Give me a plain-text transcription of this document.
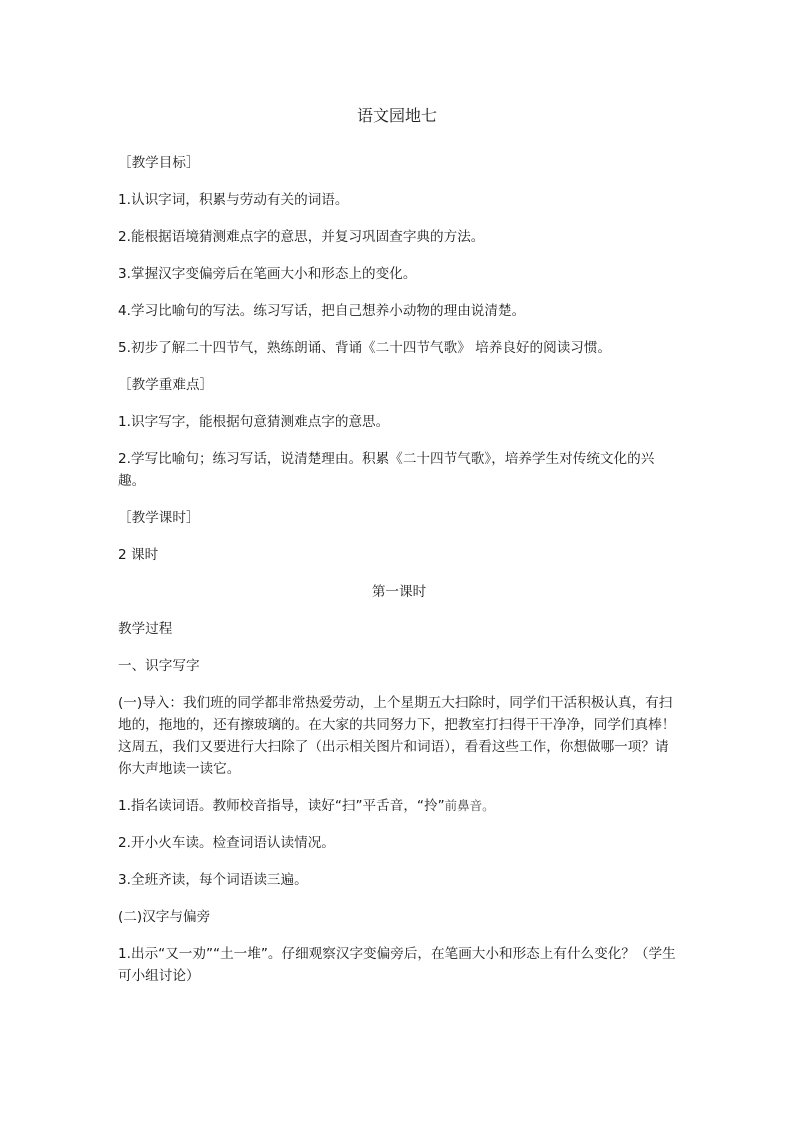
语文园地七

［教学目标］

1.认识字词，积累与劳动有关的词语。

2.能根据语境猜测难点字的意思，并复习巩固查字典的方法。

3.掌握汉字变偏旁后在笔画大小和形态上的变化。

4.学习比喻句的写法。练习写话，把自己想养小动物的理由说清楚。

5.初步了解二十四节气，熟练朗诵、背诵《二十四节气歌》 培养良好的阅读习惯。

［教学重难点］

1.识字写字，能根据句意猜测难点字的意思。

2.学写比喻句；练习写话，说清楚理由。积累《二十四节气歌》，培养学生对传统文化的兴趣。

［教学课时］

2 课时

第一课时

教学过程

一、识字写字

(一)导入：我们班的同学都非常热爱劳动，上个星期五大扫除时，同学们干活积极认真，有扫地的，拖地的，还有擦玻璃的。在大家的共同努力下，把教室打扫得干干净净，同学们真棒！这周五，我们又要进行大扫除了（出示相关图片和词语），看看这些工作，你想做哪一项？请你大声地读一读它。

1.指名读词语。教师校音指导，读好“扫”平舌音，“拎”前鼻音。

2.开小火车读。检查词语认读情况。

3.全班齐读，每个词语读三遍。

(二)汉字与偏旁

1.出示“又一劝”“土一堆”。仔细观察汉字变偏旁后，在笔画大小和形态上有什么变化？（学生可小组讨论）
